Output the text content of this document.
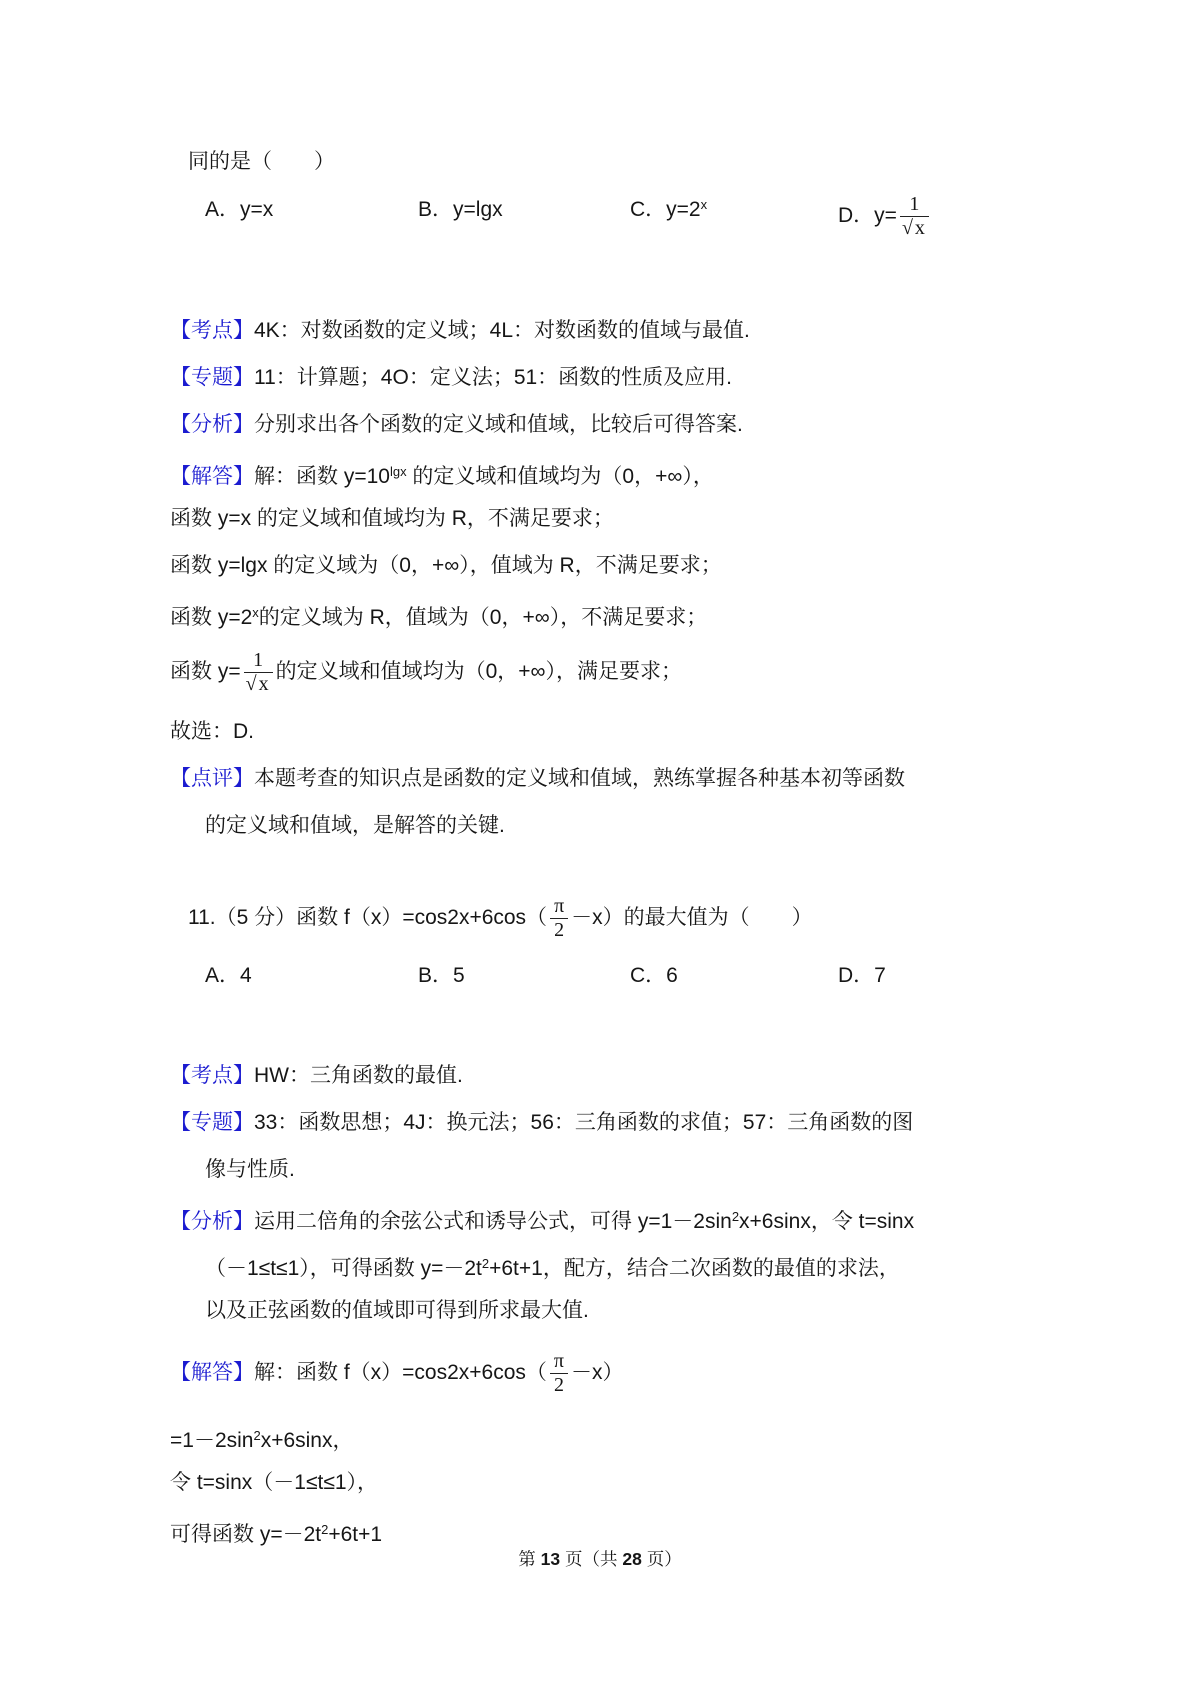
同的是（　　）
A．y=x	B．y=lgx	C．$y=2^x$	D．$y= \frac{1}{√ x}$
【考点】4K：对数函数的定义域；4L：对数函数的值域与最值.
【专题】11：计算题；4O：定义法；51：函数的性质及应用.
【分析】分别求出各个函数的定义域和值域，比较后可得答案.
【解答】解：函数 $y=10^{lgx}$ 的定义域和值域均为（0，+∞），
函数 y=x 的定义域和值域均为 R，不满足要求；
函数 y=lgx 的定义域为（0，+∞），值域为 R，不满足要求；
函数 $y=2^x$的定义域为 R，值域为（0，+∞），不满足要求；
函数 $y= \frac{1}{√ x}$ 的定义域和值域均为（0，+∞），满足要求；
故选：D.
【点评】本题考查的知识点是函数的定义域和值域，熟练掌握各种基本初等函数
的定义域和值域，是解答的关键.
11.（5 分）函数 $f(x)=\cos 2x+6\cos( \frac{\pi}{2} -x)$的最大值为（　　）
A．4	B．5	C．6	D．7
【考点】HW：三角函数的最值.
【专题】33：函数思想；4J：换元法；56：三角函数的求值；57：三角函数的图
像与性质.
【分析】运用二倍角的余弦公式和诱导公式，可得 $y=1-2\sin^2x+6\sin x$，令 t=sinx
（－1≤t≤1），可得函数 $y=-2t^2+6t+1$，配方，结合二次函数的最值的求法，
以及正弦函数的值域即可得到所求最大值.
【解答】解：函数 $f(x)=\cos 2x+6\cos( \frac{\pi}{2} -x)$
$=1-2\sin^2x+6\sin x$，
令 t=sinx（－1≤t≤1），
可得函数 $y=-2t^2+6t+1$
第 13 页（共 28 页）
